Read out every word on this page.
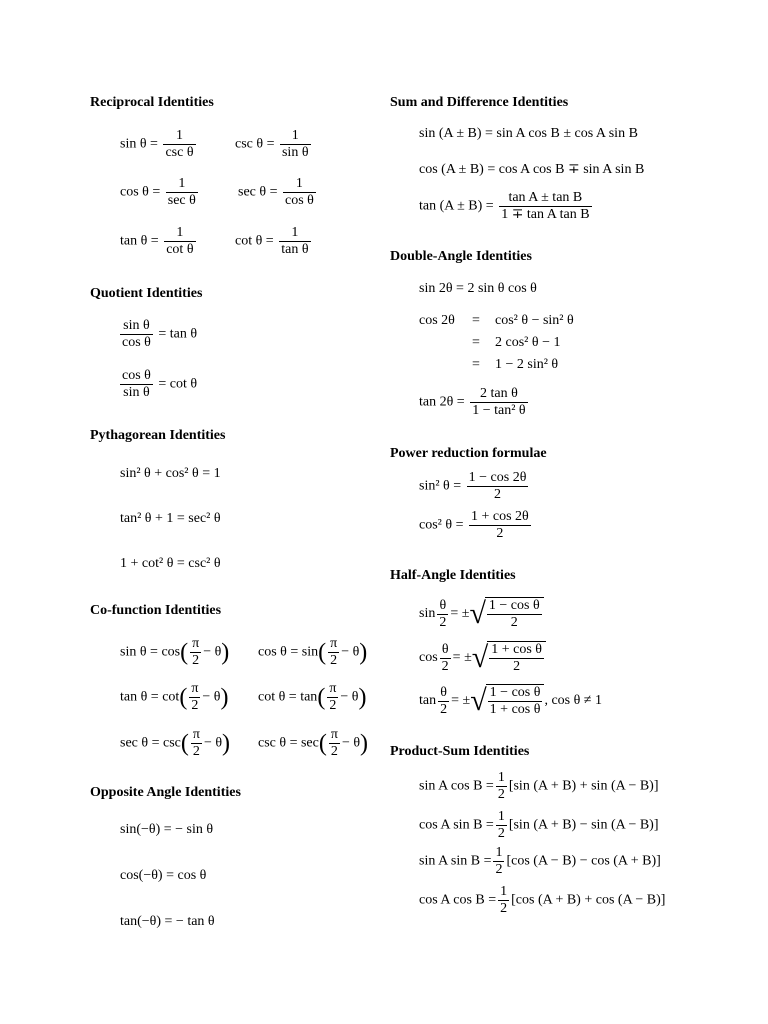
Reciprocal Identities
sin θ =
1
csc θ
$\csc \theta = \frac{1}{\text{sin θ}}$
cos θ =
1
sec θ
$\sec \theta = \frac{1}{\text{cos θ}}$
$\tan \theta = \frac{1}{\text{cot θ}}$	$\cot \theta = \frac{1}{\text{tan θ}}$
Quotient Identities
$\frac{\text{sin θ}}{\text{cos θ}} = \tan \theta$
$\frac{\text{cos θ}}{\text{sin θ}} = \cot \theta$
Pythagorean Identities
sin² θ + cos² θ = 1
tan² θ + 1 = sec² θ
1 + cot² θ = csc² θ
Co-function Identities
$\sin \theta = \cos( \frac{\pi}{2} - \theta)$ $\cos \theta = \sin( \frac{\pi}{2} - \theta)$
$\tan \theta = \cot( \frac{\pi}{2} - \theta)$ $\cot \theta = \tan( \frac{\pi}{2} - \theta)$
$\sec \theta = \csc( \frac{\pi}{2} - \theta)$ $\csc \theta = \sec( \frac{\pi}{2} - \theta)$
Opposite Angle Identities
sin(−θ) = − sin θ
cos(−θ) = cos θ
tan(−θ) = − tan θ
Sum and Difference Identities
sin (A ± B) = sin A cos B ± cos A sin B
cos (A ± B) = cos A cos B ∓ sin A sin B
$\tan (A \pm B) = \frac{\text{tan A ± tan B}}{\text{1 ∓ tan A tan B}}$
Double-Angle Identities
sin 2θ = 2 sin θ cos θ
cos 2θ = cos² θ − sin² θ
= 2 cos² θ − 1
= 1 − 2 sin² θ
$\tan 2\theta = \frac{\text{2 tan θ}}{\text{1 − tan² θ}}$
Power reduction formulae
sin² $\theta = \frac{1 - \cos 2\theta}{2}$
cos² $\theta = \frac{1 + \cos 2\theta}{2}$
Half-Angle Identities
$\sin \frac{\theta}{2}$ = ±√ $\frac{\text{1 − cos θ}}{2}$
$\cos \frac{\theta}{2}$ = ±√ $\frac{\text{1 + cos θ}}{2}$
$\tan \frac{\theta}{2}$ = ±√ $\frac{\text{1 − cos θ}}{\text{1 + cos θ}}$ , cos θ ≠ 1
Product-Sum Identities
sin A $\cos B = \frac{1}{2} [\sin$ (A + B) + sin (A − B)]
cos A $\sin B = \frac{1}{2} [\sin$ (A + B) − sin (A − B)]
sin A $\sin B = \frac{1}{2} [\cos$ (A − B) − cos (A + B)]
cos A $\cos B = \frac{1}{2} [\cos$ (A + B) + cos (A − B)]
